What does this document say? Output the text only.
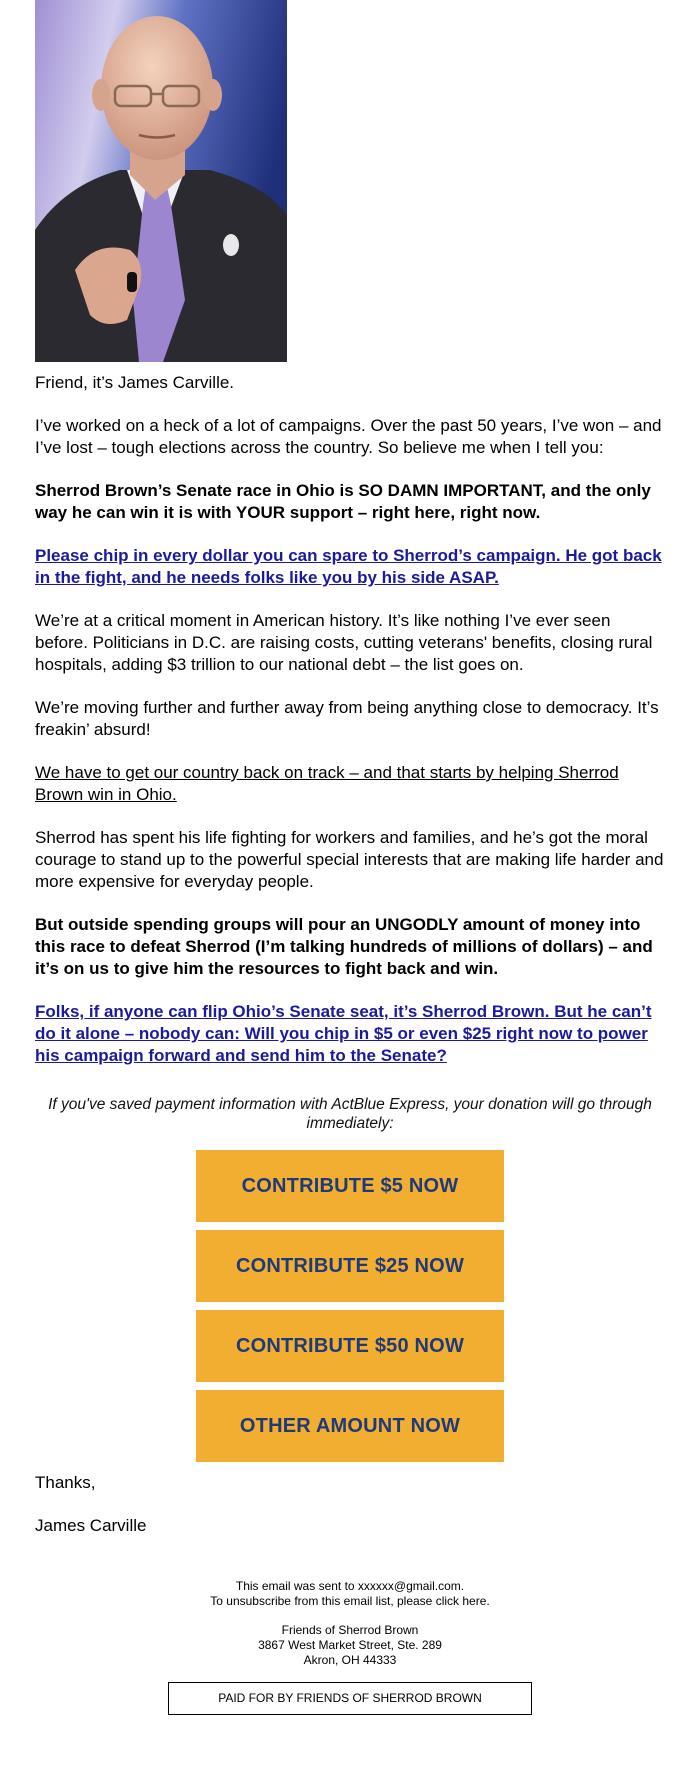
Friend, it’s James Carville.

I’ve worked on a heck of a lot of campaigns. Over the past 50 years, I’ve won – and I’ve lost – tough elections across the country. So believe me when I tell you:

Sherrod Brown’s Senate race in Ohio is SO DAMN IMPORTANT, and the only way he can win it is with YOUR support – right here, right now.

Please chip in every dollar you can spare to Sherrod’s campaign. He got back in the fight, and he needs folks like you by his side ASAP.

We’re at a critical moment in American history. It’s like nothing I’ve ever seen before. Politicians in D.C. are raising costs, cutting veterans' benefits, closing rural hospitals, adding $3 trillion to our national debt – the list goes on.

We’re moving further and further away from being anything close to democracy. It’s freakin’ absurd!

We have to get our country back on track – and that starts by helping Sherrod Brown win in Ohio.

Sherrod has spent his life fighting for workers and families, and he’s got the moral courage to stand up to the powerful special interests that are making life harder and more expensive for everyday people.

But outside spending groups will pour an UNGODLY amount of money into this race to defeat Sherrod (I’m talking hundreds of millions of dollars) – and it’s on us to give him the resources to fight back and win.

Folks, if anyone can flip Ohio’s Senate seat, it’s Sherrod Brown. But he can’t do it alone – nobody can: Will you chip in $5 or even $25 right now to power his campaign forward and send him to the Senate?

If you've saved payment information with ActBlue Express, your donation will go through immediately:
CONTRIBUTE $5 NOW
CONTRIBUTE $25 NOW
CONTRIBUTE $50 NOW
OTHER AMOUNT NOW

Thanks,

James Carville

This email was sent to xxxxxx@gmail.com.
To unsubscribe from this email list, please click here.
Friends of Sherrod Brown
3867 West Market Street, Ste. 289
Akron, OH 44333
PAID FOR BY FRIENDS OF SHERROD BROWN
